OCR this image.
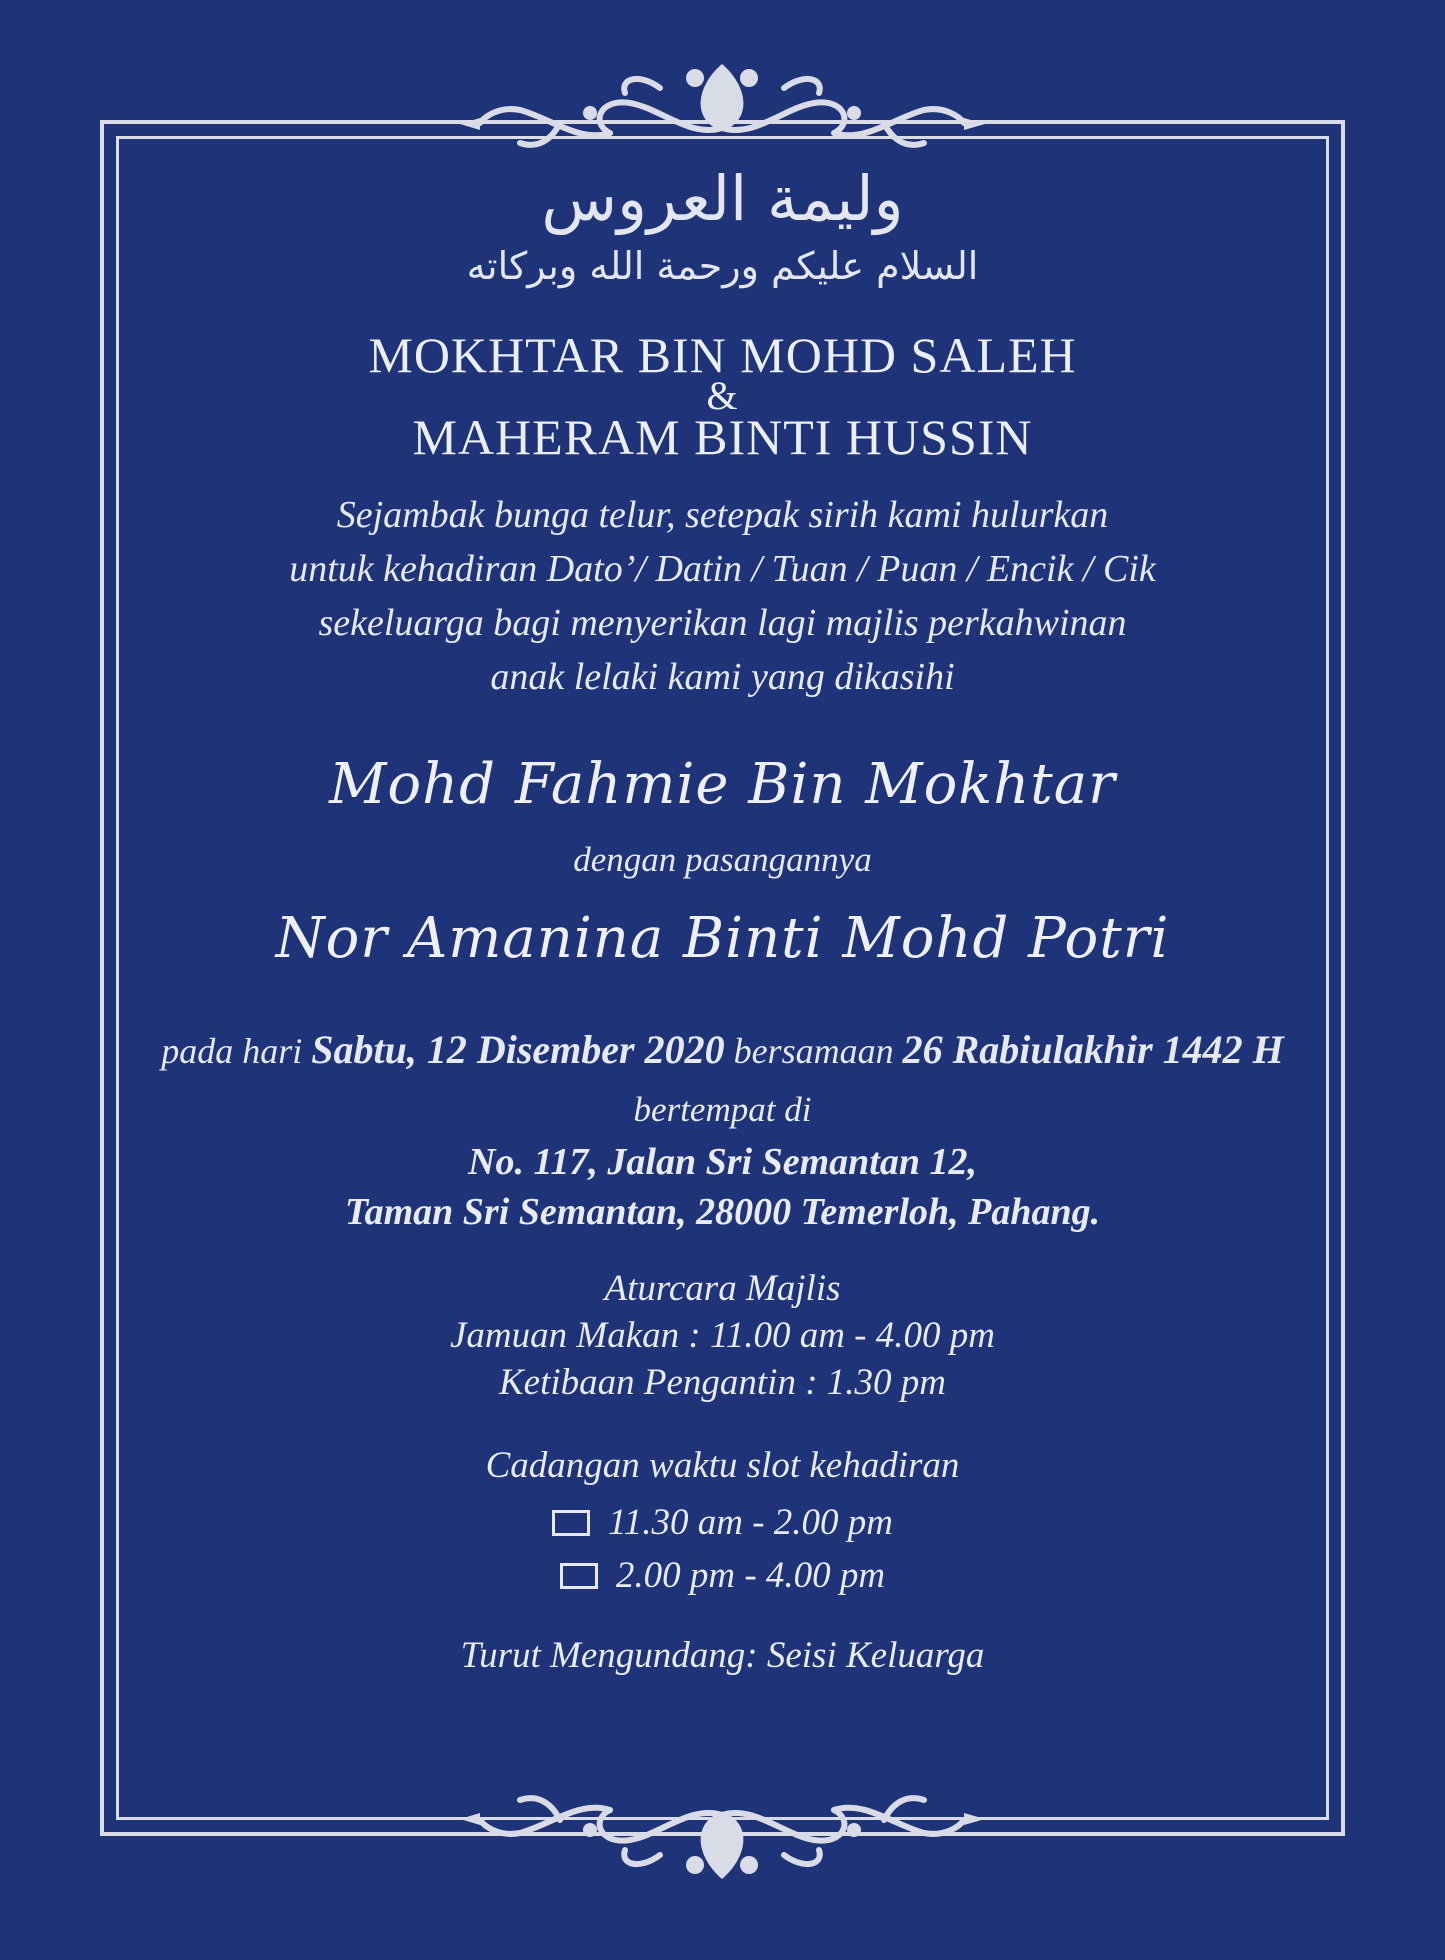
وليمة العروس
السلام عليكم ورحمة الله وبركاته
MOKHTAR BIN MOHD SALEH
&
MAHERAM BINTI HUSSIN
Sejambak bunga telur, setepak sirih kami hulurkan
untuk kehadiran Dato’/ Datin / Tuan / Puan / Encik / Cik
sekeluarga bagi menyerikan lagi majlis perkahwinan
anak lelaki kami yang dikasihi
Mohd Fahmie Bin Mokhtar
dengan pasangannya
Nor Amanina Binti Mohd Potri
pada hari Sabtu, 12 Disember 2020 bersamaan 26 Rabiulakhir 1442 H
bertempat di
No. 117, Jalan Sri Semantan 12,
Taman Sri Semantan, 28000 Temerloh, Pahang.
Aturcara Majlis
Jamuan Makan : 11.00 am - 4.00 pm
Ketibaan Pengantin : 1.30 pm
Cadangan waktu slot kehadiran
11.30 am - 2.00 pm
2.00 pm - 4.00 pm
Turut Mengundang: Seisi Keluarga
